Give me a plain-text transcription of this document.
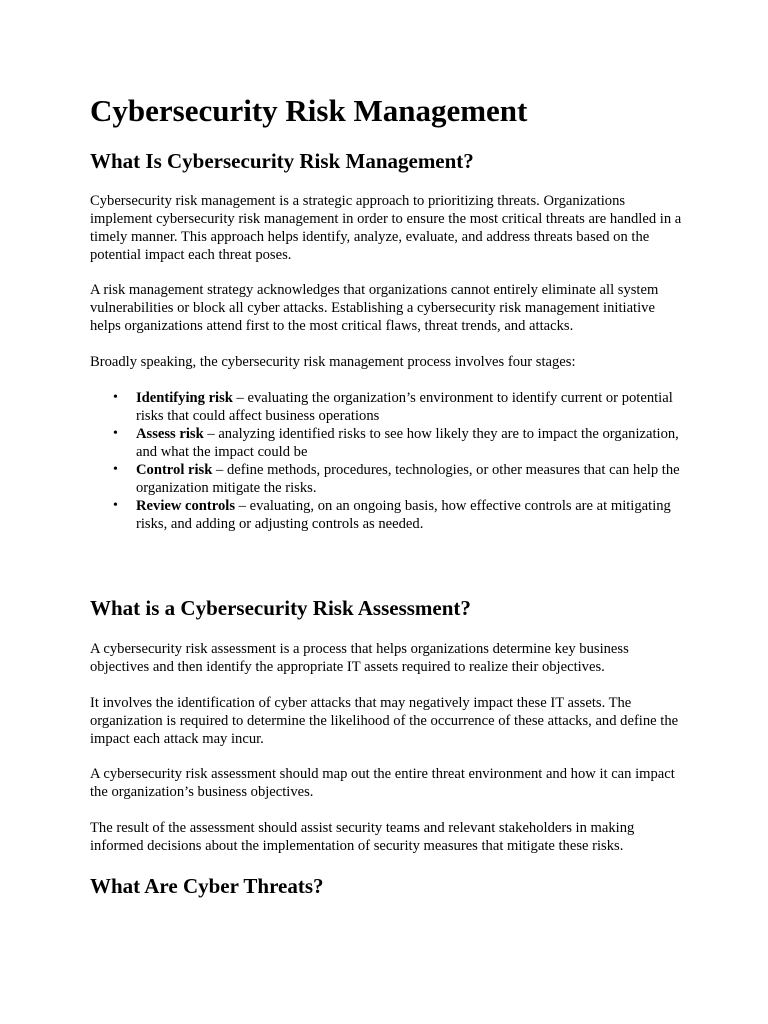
Cybersecurity Risk Management
What Is Cybersecurity Risk Management?

Cybersecurity risk management is a strategic approach to prioritizing threats. Organizations implement cybersecurity risk management in order to ensure the most critical threats are handled in a timely manner. This approach helps identify, analyze, evaluate, and address threats based on the potential impact each threat poses.

A risk management strategy acknowledges that organizations cannot entirely eliminate all system vulnerabilities or block all cyber attacks. Establishing a cybersecurity risk management initiative helps organizations attend first to the most critical flaws, threat trends, and attacks.

Broadly speaking, the cybersecurity risk management process involves four stages:

• Identifying risk – evaluating the organization’s environment to identify current or potential risks that could affect business operations
• Assess risk – analyzing identified risks to see how likely they are to impact the organization, and what the impact could be
• Control risk – define methods, procedures, technologies, or other measures that can help the organization mitigate the risks.
• Review controls – evaluating, on an ongoing basis, how effective controls are at mitigating risks, and adding or adjusting controls as needed.
What is a Cybersecurity Risk Assessment?

A cybersecurity risk assessment is a process that helps organizations determine key business objectives and then identify the appropriate IT assets required to realize their objectives.

It involves the identification of cyber attacks that may negatively impact these IT assets. The organization is required to determine the likelihood of the occurrence of these attacks, and define the impact each attack may incur.

A cybersecurity risk assessment should map out the entire threat environment and how it can impact the organization’s business objectives.

The result of the assessment should assist security teams and relevant stakeholders in making informed decisions about the implementation of security measures that mitigate these risks.

What Are Cyber Threats?
